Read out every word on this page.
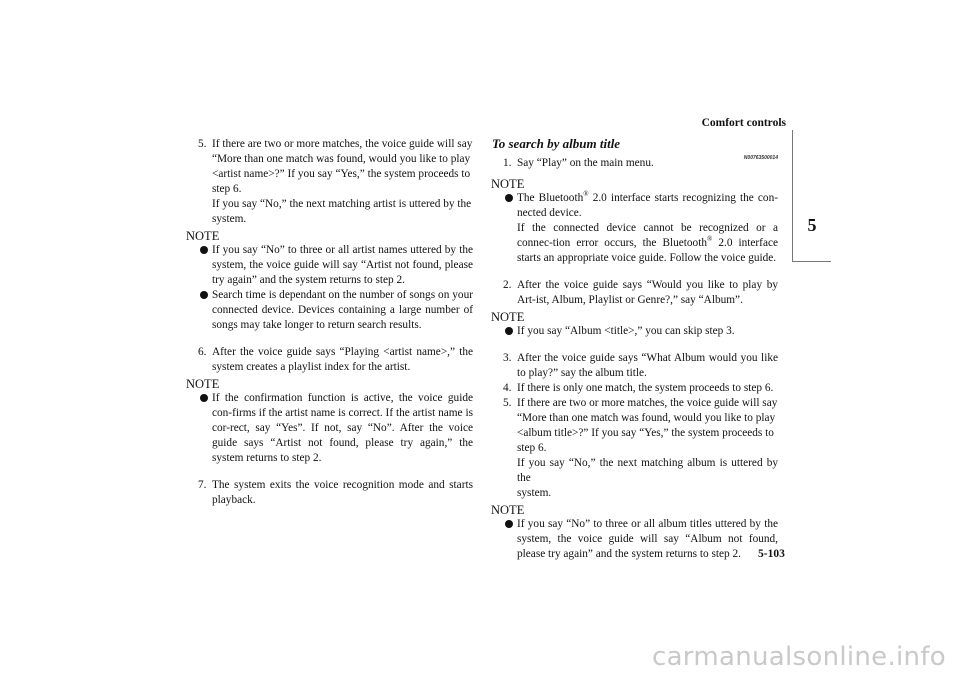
Comfort controls
5
5. If there are two or more matches, the voice guide will say
“More than one match was found, would you like to play
<artist name>?” If you say “Yes,” the system proceeds to
step 6.
If you say “No,” the next matching artist is uttered by the
system.
NOTE
If you say “No” to three or all artist names uttered by the system, the voice guide will say “Artist not found, please try again” and the system returns to step 2.
Search time is dependant on the number of songs on your connected device. Devices containing a large number of songs may take longer to return search results.
6. After the voice guide says “Playing <artist name>,” the system creates a playlist index for the artist.
NOTE
If the confirmation function is active, the voice guide con-firms if the artist name is correct. If the artist name is cor-rect, say “Yes”. If not, say “No”. After the voice guide says “Artist not found, please try again,” the system returns to step 2.
7. The system exits the voice recognition mode and starts playback.
To search by album title
N00763500014
1. Say “Play” on the main menu.
NOTE
The Bluetooth® 2.0 interface starts recognizing the con-nected device.
If the connected device cannot be recognized or a connec-tion error occurs, the Bluetooth® 2.0 interface starts an appropriate voice guide. Follow the voice guide.
2. After the voice guide says “Would you like to play by Art-ist, Album, Playlist or Genre?,” say “Album”.
NOTE
If you say “Album <title>,” you can skip step 3.
3. After the voice guide says “What Album would you like to play?” say the album title.
4. If there is only one match, the system proceeds to step 6.
5. If there are two or more matches, the voice guide will say
“More than one match was found, would you like to play
<album title>?” If you say “Yes,” the system proceeds to
step 6.
If you say “No,” the next matching album is uttered by the
system.
NOTE
If you say “No” to three or all album titles uttered by the system, the voice guide will say “Album not found, please try again” and the system returns to step 2.	5-103
carmanualsonline.info
